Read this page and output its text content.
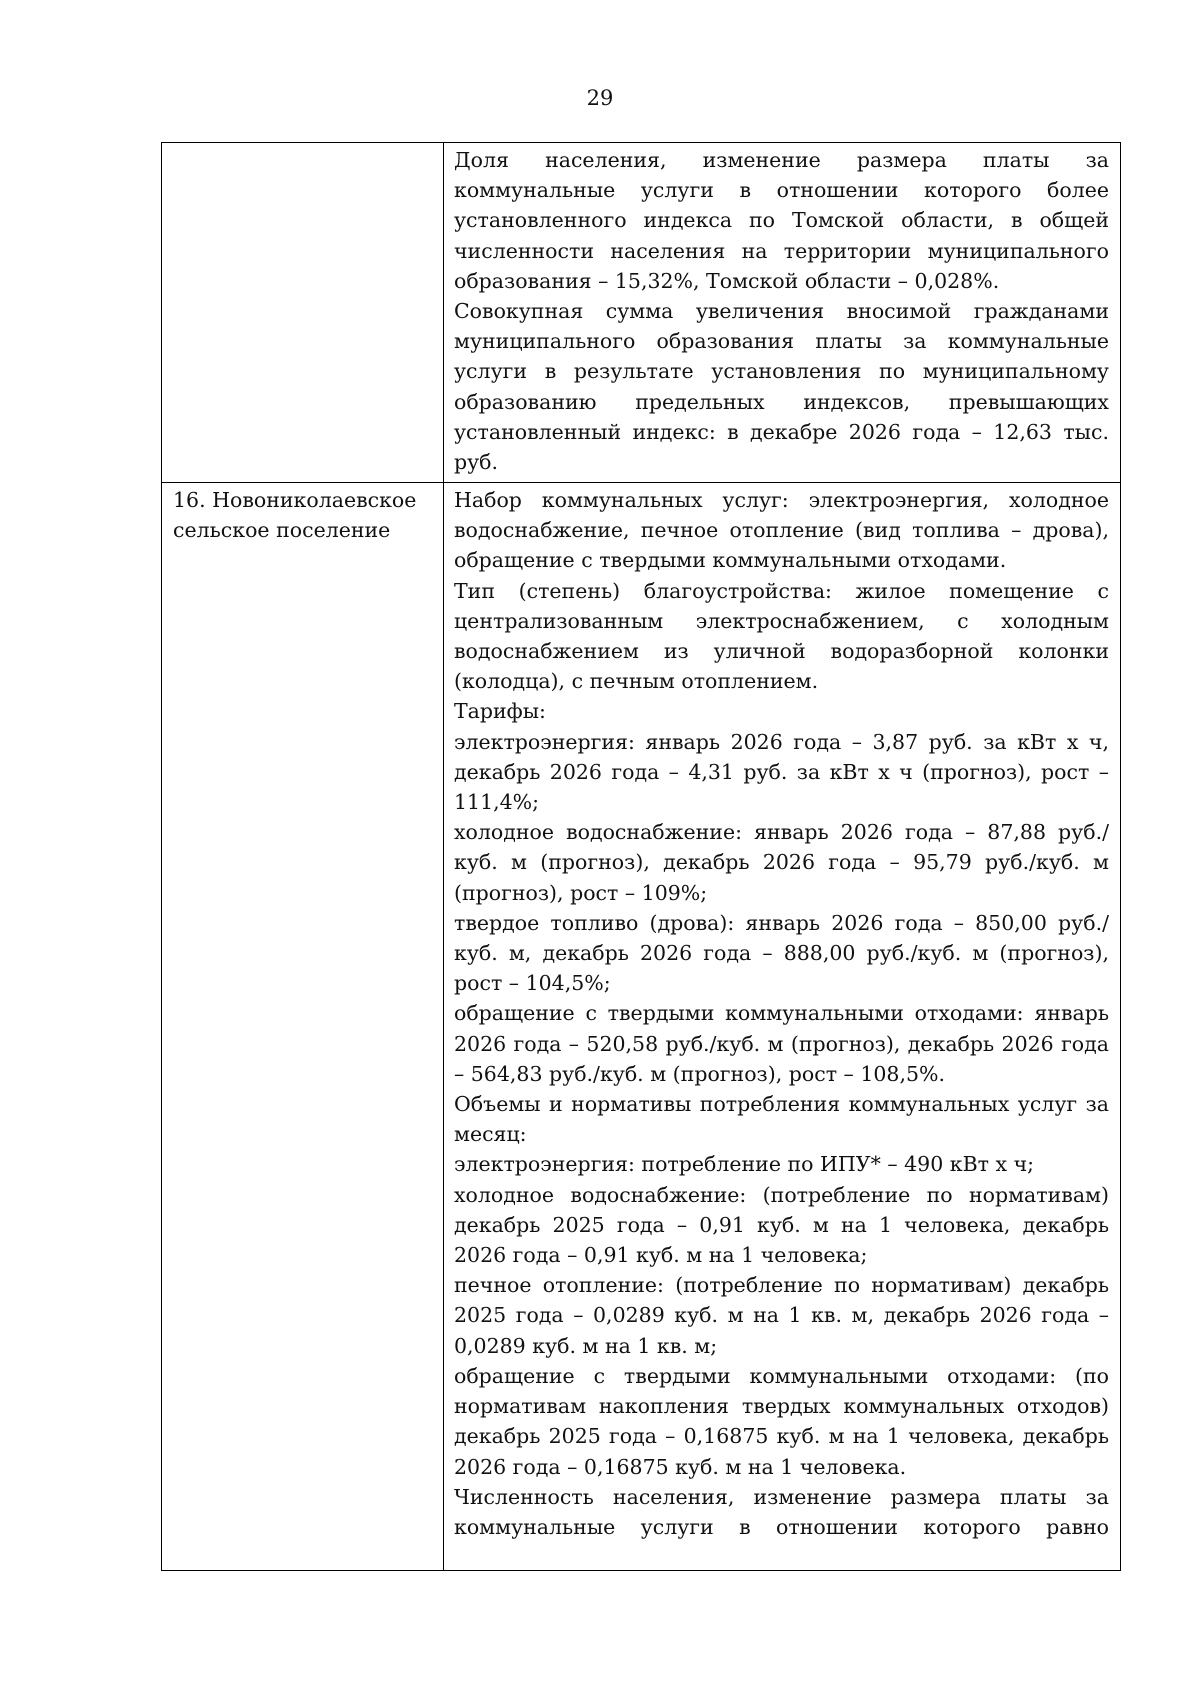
29

Доля населения, изменение размера платы за коммунальные услуги в отношении которого более установленного индекса по Томской области, в общей численности населения на территории муниципального образования – 15,32%, Томской области – 0,028%.

Совокупная сумма увеличения вносимой гражданами муниципального образования платы за коммунальные услуги в результате установления по муниципальному образованию предельных индексов, превышающих установленный индекс: в декабре 2026 года – 12,63 тыс. руб.

16. Новониколаевское
сельское поселение

Набор коммунальных услуг: электроэнергия, холодное водоснабжение, печное отопление (вид топлива – дрова), обращение с твердыми коммунальными отходами.

Тип (степень) благоустройства: жилое помещение с централизованным электроснабжением, с холодным водоснабжением из уличной водоразборной колонки (колодца), с печным отоплением.

Тарифы:

электроэнергия: январь 2026 года – 3,87 руб. за кВт х ч, декабрь 2026 года – 4,31 руб. за кВт х ч (прогноз), рост – 111,4%;

холодное водоснабжение: январь 2026 года – 87,88 руб./куб. м (прогноз), декабрь 2026 года – 95,79 руб./куб. м (прогноз), рост – 109%;

твердое топливо (дрова): январь 2026 года – 850,00 руб./куб. м, декабрь 2026 года – 888,00 руб./куб. м (прогноз), рост – 104,5%;

обращение с твердыми коммунальными отходами: январь 2026 года – 520,58 руб./куб. м (прогноз), декабрь 2026 года – 564,83 руб./куб. м (прогноз), рост – 108,5%.

Объемы и нормативы потребления коммунальных услуг за месяц:

электроэнергия: потребление по ИПУ* – 490 кВт х ч;

холодное водоснабжение: (потребление по нормативам) декабрь 2025 года – 0,91 куб. м на 1 человека, декабрь 2026 года – 0,91 куб. м на 1 человека;

печное отопление: (потребление по нормативам) декабрь 2025 года – 0,0289 куб. м на 1 кв. м, декабрь 2026 года – 0,0289 куб. м на 1 кв. м;

обращение с твердыми коммунальными отходами: (по нормативам накопления твердых коммунальных отходов) декабрь 2025 года – 0,16875 куб. м на 1 человека, декабрь 2026 года – 0,16875 куб. м на 1 человека.

Численность населения, изменение размера платы за коммунальные услуги в отношении которого равно
